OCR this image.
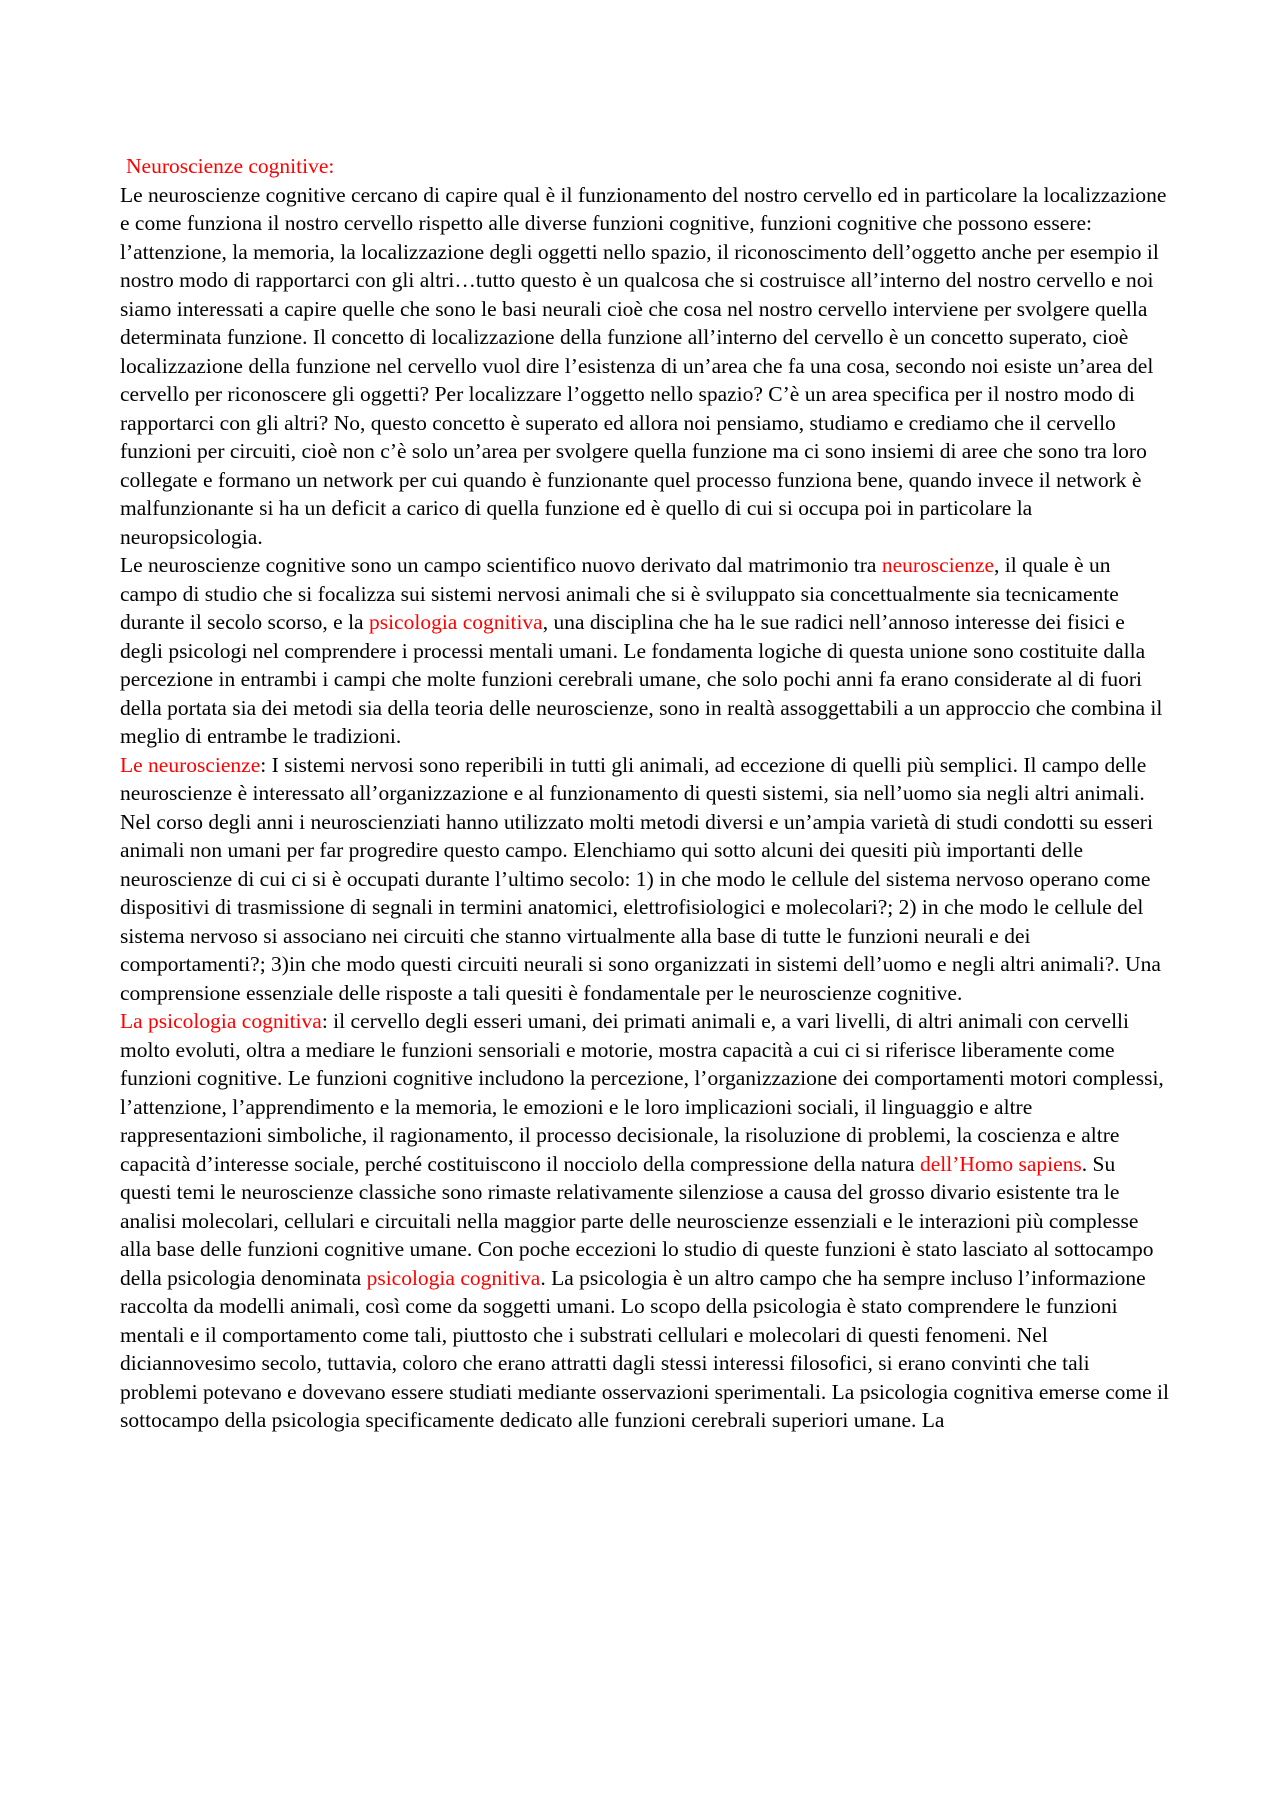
Neuroscienze cognitive:

Le neuroscienze cognitive cercano di capire qual è il funzionamento del nostro cervello ed in particolare la localizzazione e come funziona il nostro cervello rispetto alle diverse funzioni cognitive, funzioni cognitive che possono essere: l’attenzione, la memoria, la localizzazione degli oggetti nello spazio, il riconoscimento dell’oggetto anche per esempio il nostro modo di rapportarci con gli altri…tutto questo è un qualcosa che si costruisce all’interno del nostro cervello e noi siamo interessati a capire quelle che sono le basi neurali cioè che cosa nel nostro cervello interviene per svolgere quella determinata funzione. Il concetto di localizzazione della funzione all’interno del cervello è un concetto superato, cioè localizzazione della funzione nel cervello vuol dire l’esistenza di un’area che fa una cosa, secondo noi esiste un’area del cervello per riconoscere gli oggetti? Per localizzare l’oggetto nello spazio? C’è un area specifica per il nostro modo di rapportarci con gli altri? No, questo concetto è superato ed allora noi pensiamo, studiamo e crediamo che il cervello funzioni per circuiti, cioè non c’è solo un’area per svolgere quella funzione ma ci sono insiemi di aree che sono tra loro collegate e formano un network per cui quando è funzionante quel processo funziona bene, quando invece il network è malfunzionante si ha un deficit a carico di quella funzione ed è quello di cui si occupa poi in particolare la neuropsicologia.

Le neuroscienze cognitive sono un campo scientifico nuovo derivato dal matrimonio tra neuroscienze, il quale è un campo di studio che si focalizza sui sistemi nervosi animali che si è sviluppato sia concettualmente sia tecnicamente durante il secolo scorso, e la psicologia cognitiva, una disciplina che ha le sue radici nell’annoso interesse dei fisici e degli psicologi nel comprendere i processi mentali umani. Le fondamenta logiche di questa unione sono costituite dalla percezione in entrambi i campi che molte funzioni cerebrali umane, che solo pochi anni fa erano considerate al di fuori della portata sia dei metodi sia della teoria delle neuroscienze, sono in realtà assoggettabili a un approccio che combina il meglio di entrambe le tradizioni.

Le neuroscienze: I sistemi nervosi sono reperibili in tutti gli animali, ad eccezione di quelli più semplici. Il campo delle neuroscienze è interessato all’organizzazione e al funzionamento di questi sistemi, sia nell’uomo sia negli altri animali. Nel corso degli anni i neuroscienziati hanno utilizzato molti metodi diversi e un’ampia varietà di studi condotti su esseri animali non umani per far progredire questo campo. Elenchiamo qui sotto alcuni dei quesiti più importanti delle neuroscienze di cui ci si è occupati durante l’ultimo secolo: 1) in che modo le cellule del sistema nervoso operano come dispositivi di trasmissione di segnali in termini anatomici, elettrofisiologici e molecolari?; 2) in che modo le cellule del sistema nervoso si associano nei circuiti che stanno virtualmente alla base di tutte le funzioni neurali e dei comportamenti?; 3)in che modo questi circuiti neurali si sono organizzati in sistemi dell’uomo e negli altri animali?. Una comprensione essenziale delle risposte a tali quesiti è fondamentale per le neuroscienze cognitive.

La psicologia cognitiva: il cervello degli esseri umani, dei primati animali e, a vari livelli, di altri animali con cervelli molto evoluti, oltra a mediare le funzioni sensoriali e motorie, mostra capacità a cui ci si riferisce liberamente come funzioni cognitive. Le funzioni cognitive includono la percezione, l’organizzazione dei comportamenti motori complessi, l’attenzione, l’apprendimento e la memoria, le emozioni e le loro implicazioni sociali, il linguaggio e altre rappresentazioni simboliche, il ragionamento, il processo decisionale, la risoluzione di problemi, la coscienza e altre capacità d’interesse sociale, perché costituiscono il nocciolo della compressione della natura dell’Homo sapiens. Su questi temi le neuroscienze classiche sono rimaste relativamente silenziose a causa del grosso divario esistente tra le analisi molecolari, cellulari e circuitali nella maggior parte delle neuroscienze essenziali e le interazioni più complesse alla base delle funzioni cognitive umane. Con poche eccezioni lo studio di queste funzioni è stato lasciato al sottocampo della psicologia denominata psicologia cognitiva. La psicologia è un altro campo che ha sempre incluso l’informazione raccolta da modelli animali, così come da soggetti umani. Lo scopo della psicologia è stato comprendere le funzioni mentali e il comportamento come tali, piuttosto che i substrati cellulari e molecolari di questi fenomeni. Nel diciannovesimo secolo, tuttavia, coloro che erano attratti dagli stessi interessi filosofici, si erano convinti che tali problemi potevano e dovevano essere studiati mediante osservazioni sperimentali. La psicologia cognitiva emerse come il sottocampo della psicologia specificamente dedicato alle funzioni cerebrali superiori umane. La
